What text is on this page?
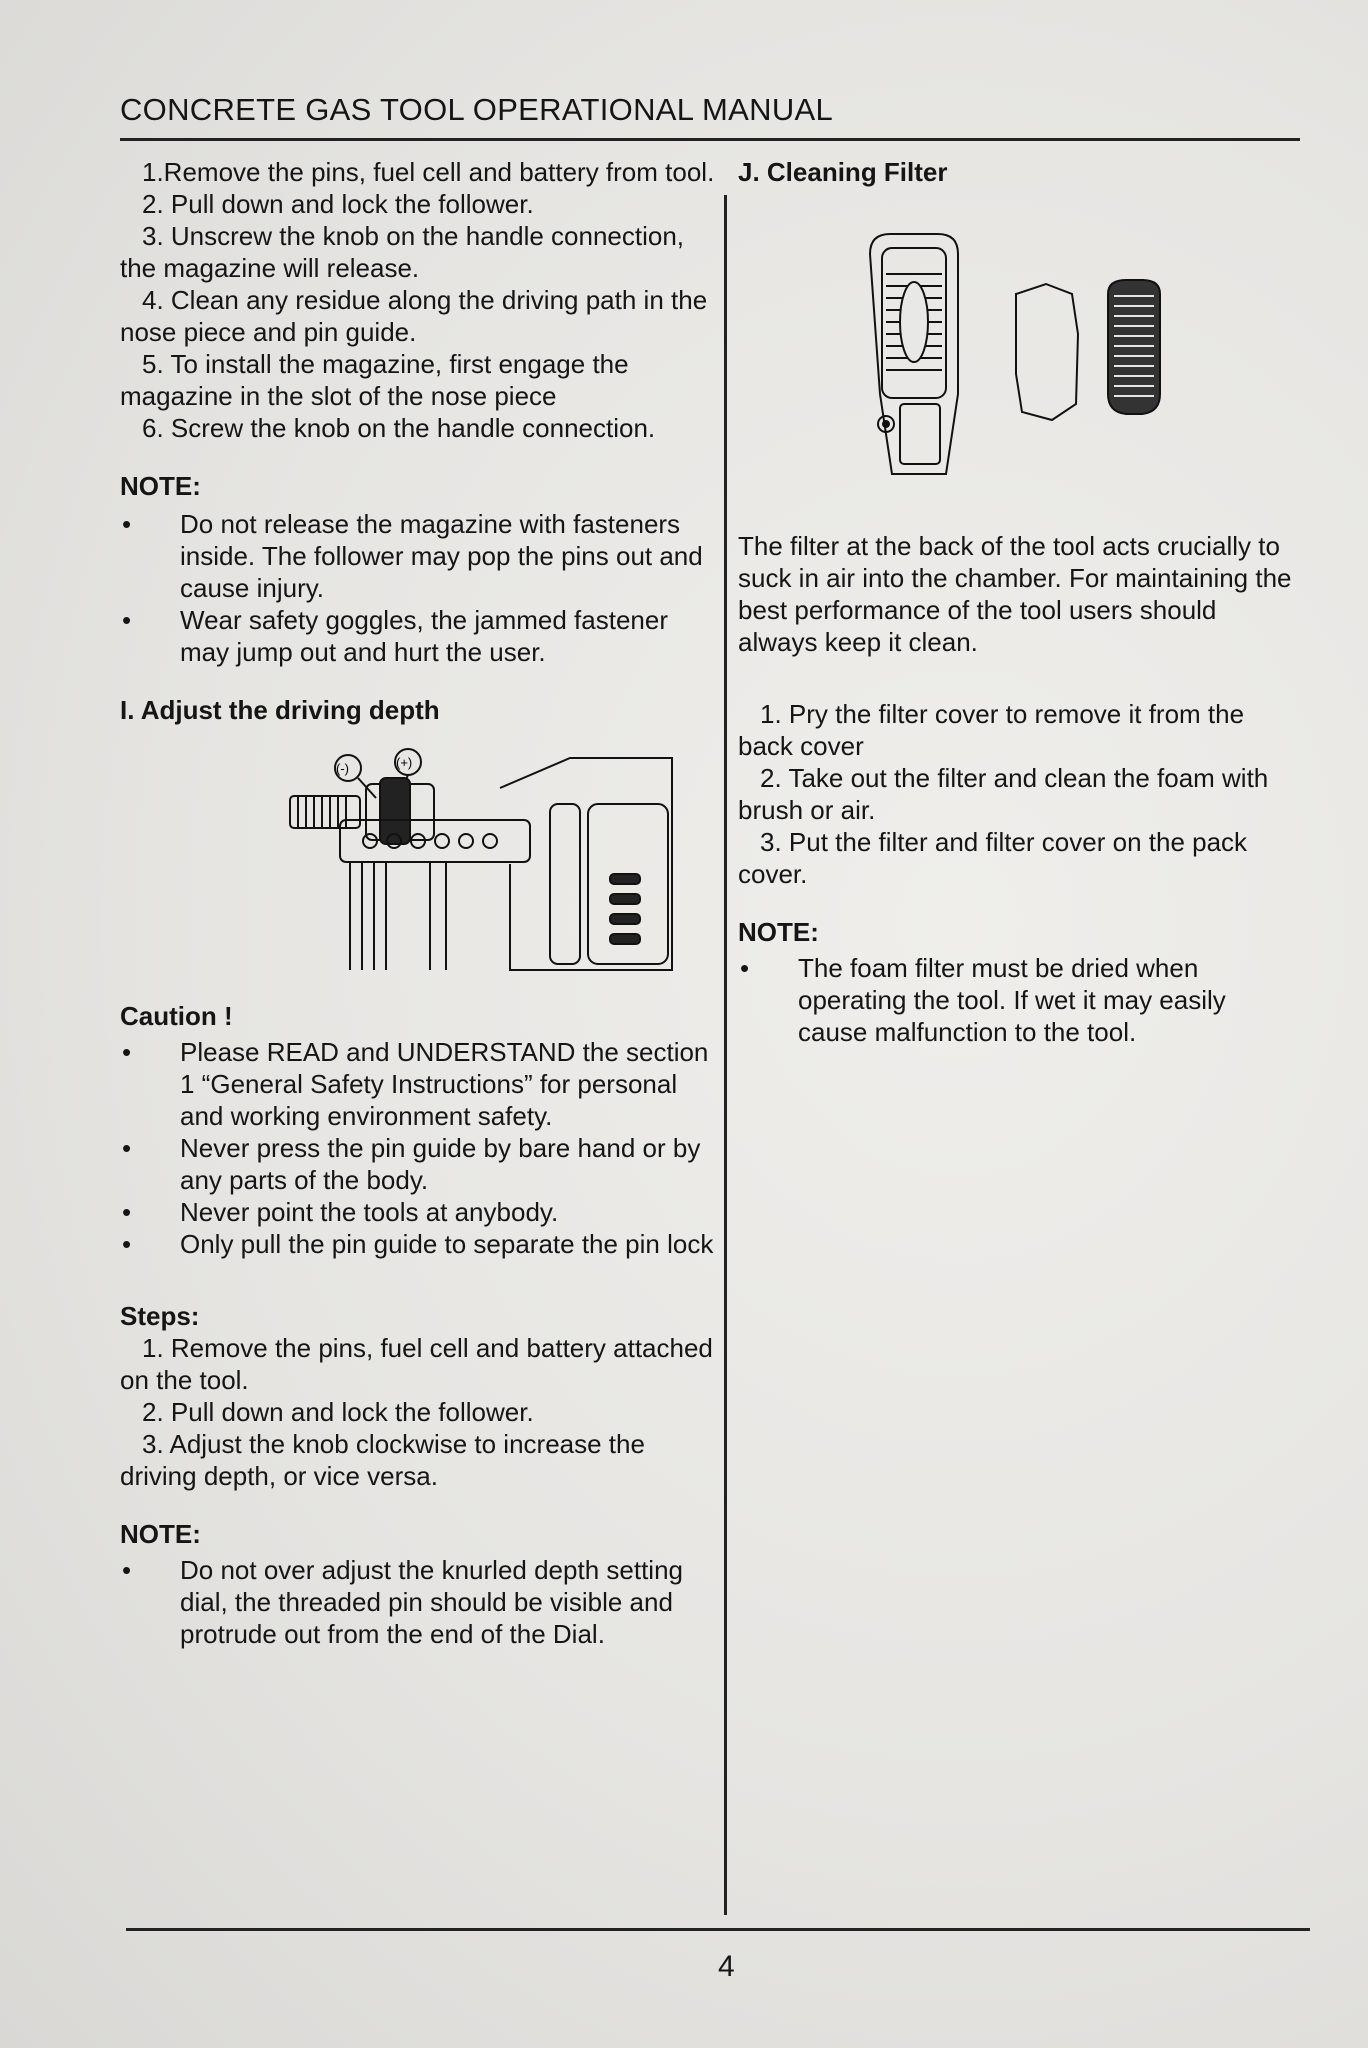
CONCRETE GAS TOOL OPERATIONAL MANUAL

1.Remove the pins, fuel cell and battery from tool.

2. Pull down and lock the follower.

3. Unscrew the knob on the handle connection, the magazine will release.

4. Clean any residue along the driving path in the nose piece and pin guide.

5. To install the magazine, first engage the magazine in the slot of the nose piece

6. Screw the knob on the handle connection.

NOTE:

• Do not release the magazine with fasteners inside. The follower may pop the pins out and cause injury.
• Wear safety goggles, the jammed fastener may jump out and hurt the user.

I. Adjust the driving depth

(-)	(+)

Caution !

• Please READ and UNDERSTAND the section 1 “General Safety Instructions” for personal and working environment safety.
• Never press the pin guide by bare hand or by any parts of the body.
• Never point the tools at anybody.
• Only pull the pin guide to separate the pin lock

Steps:

1. Remove the pins, fuel cell and battery attached on the tool.

2. Pull down and lock the follower.

3. Adjust the knob clockwise to increase the driving depth, or vice versa.

NOTE:

• Do not over adjust the knurled depth setting dial, the threaded pin should be visible and protrude out from the end of the Dial.

J. Cleaning Filter

The filter at the back of the tool acts crucially to suck in air into the chamber. For maintaining the best performance of the tool users should always keep it clean.

1. Pry the filter cover to remove it from the back cover

2. Take out the filter and clean the foam with brush or air.

3. Put the filter and filter cover on the pack cover.

NOTE:

• The foam filter must be dried when operating the tool. If wet it may easily cause malfunction to the tool.
4
